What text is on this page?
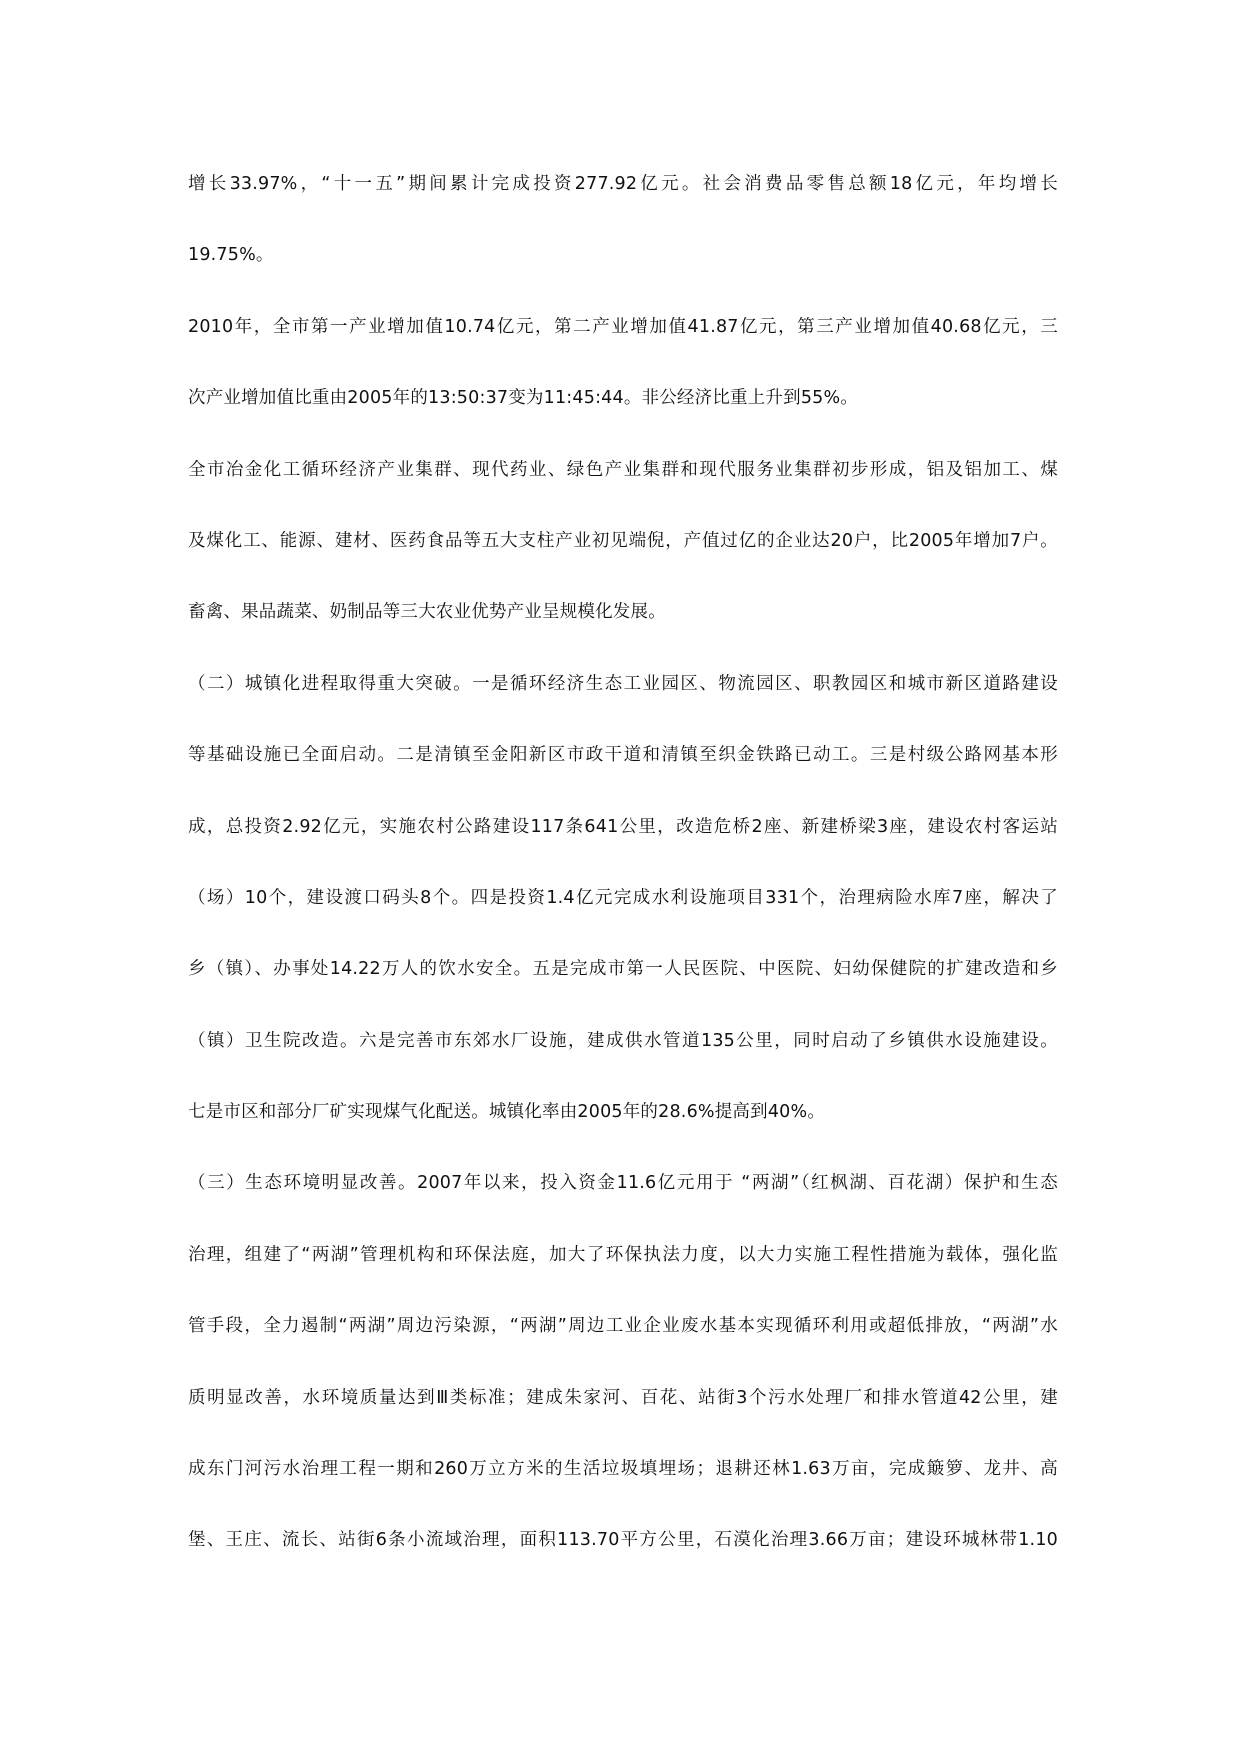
增长33.97%，“十一五”期间累计完成投资277.92亿元。社会消费品零售总额18亿元，年均增长
19.75%。
2010年，全市第一产业增加值10.74亿元，第二产业增加值41.87亿元，第三产业增加值40.68亿元，三
次产业增加值比重由2005年的13:50:37变为11:45:44。非公经济比重上升到55%。
全市冶金化工循环经济产业集群、现代药业、绿色产业集群和现代服务业集群初步形成，铝及铝加工、煤
及煤化工、能源、建材、医药食品等五大支柱产业初见端倪，产值过亿的企业达20户，比2005年增加7户。
畜禽、果品蔬菜、奶制品等三大农业优势产业呈规模化发展。
（二）城镇化进程取得重大突破。一是循环经济生态工业园区、物流园区、职教园区和城市新区道路建设
等基础设施已全面启动。二是清镇至金阳新区市政干道和清镇至织金铁路已动工。三是村级公路网基本形
成，总投资2.92亿元，实施农村公路建设117条641公里，改造危桥2座、新建桥梁3座，建设农村客运站
（场）10个，建设渡口码头8个。四是投资1.4亿元完成水利设施项目331个，治理病险水库7座，解决了
乡（镇）、办事处14.22万人的饮水安全。五是完成市第一人民医院、中医院、妇幼保健院的扩建改造和乡
（镇）卫生院改造。六是完善市东郊水厂设施，建成供水管道135公里，同时启动了乡镇供水设施建设。
七是市区和部分厂矿实现煤气化配送。城镇化率由2005年的28.6%提高到40%。
（三）生态环境明显改善。2007年以来，投入资金11.6亿元用于 “两湖”（红枫湖、百花湖）保护和生态
治理，组建了“两湖”管理机构和环保法庭，加大了环保执法力度，以大力实施工程性措施为载体，强化监
管手段，全力遏制“两湖”周边污染源，“两湖”周边工业企业废水基本实现循环利用或超低排放，“两湖”水
质明显改善，水环境质量达到Ⅲ类标准；建成朱家河、百花、站街3个污水处理厂和排水管道42公里，建
成东门河污水治理工程一期和260万立方米的生活垃圾填埋场；退耕还林1.63万亩，完成簸箩、龙井、高
堡、王庄、流长、站街6条小流域治理，面积113.70平方公里，石漠化治理3.66万亩；建设环城林带1.10
